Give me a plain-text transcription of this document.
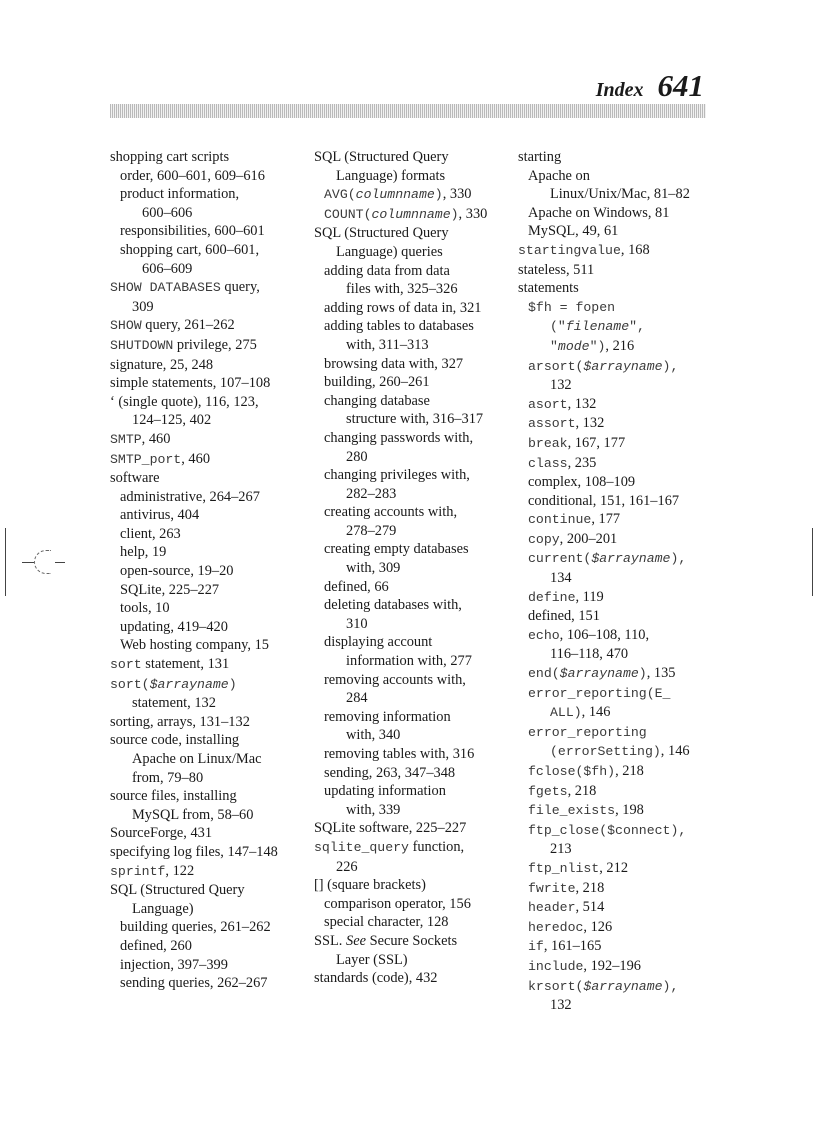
Index 641
shopping cart scripts
order, 600–601, 609–616
product information,
600–606
responsibilities, 600–601
shopping cart, 600–601,
606–609
SHOW DATABASES query,
309
SHOW query, 261–262
SHUTDOWN privilege, 275
signature, 25, 248
simple statements, 107–108
‘ (single quote), 116, 123,
124–125, 402
SMTP, 460
SMTP_port, 460
software
administrative, 264–267
antivirus, 404
client, 263
help, 19
open-source, 19–20
SQLite, 225–227
tools, 10
updating, 419–420
Web hosting company, 15
sort statement, 131
sort($arrayname)
statement, 132
sorting, arrays, 131–132
source code, installing
Apache on Linux/Mac
from, 79–80
source files, installing
MySQL from, 58–60
SourceForge, 431
specifying log files, 147–148
sprintf, 122
SQL (Structured Query
Language)
building queries, 261–262
defined, 260
injection, 397–399
sending queries, 262–267
SQL (Structured Query
Language) formats
AVG(columnname), 330
COUNT(columnname), 330
SQL (Structured Query
Language) queries
adding data from data
files with, 325–326
adding rows of data in, 321
adding tables to databases
with, 311–313
browsing data with, 327
building, 260–261
changing database
structure with, 316–317
changing passwords with,
280
changing privileges with,
282–283
creating accounts with,
278–279
creating empty databases
with, 309
defined, 66
deleting databases with,
310
displaying account
information with, 277
removing accounts with,
284
removing information
with, 340
removing tables with, 316
sending, 263, 347–348
updating information
with, 339
SQLite software, 225–227
sqlite_query function,
226
[] (square brackets)
comparison operator, 156
special character, 128
SSL. See Secure Sockets
Layer (SSL)
standards (code), 432
starting
Apache on
Linux/Unix/Mac, 81–82
Apache on Windows, 81
MySQL, 49, 61
startingvalue, 168
stateless, 511
statements
$fh = fopen
("filename",
"mode"), 216
arsort($arrayname),
132
asort, 132
assort, 132
break, 167, 177
class, 235
complex, 108–109
conditional, 151, 161–167
continue, 177
copy, 200–201
current($arrayname),
134
define, 119
defined, 151
echo, 106–108, 110,
116–118, 470
end($arrayname), 135
error_reporting(E_
ALL), 146
error_reporting
(errorSetting), 146
fclose($fh), 218
fgets, 218
file_exists, 198
ftp_close($connect),
213
ftp_nlist, 212
fwrite, 218
header, 514
heredoc, 126
if, 161–165
include, 192–196
krsort($arrayname),
132
